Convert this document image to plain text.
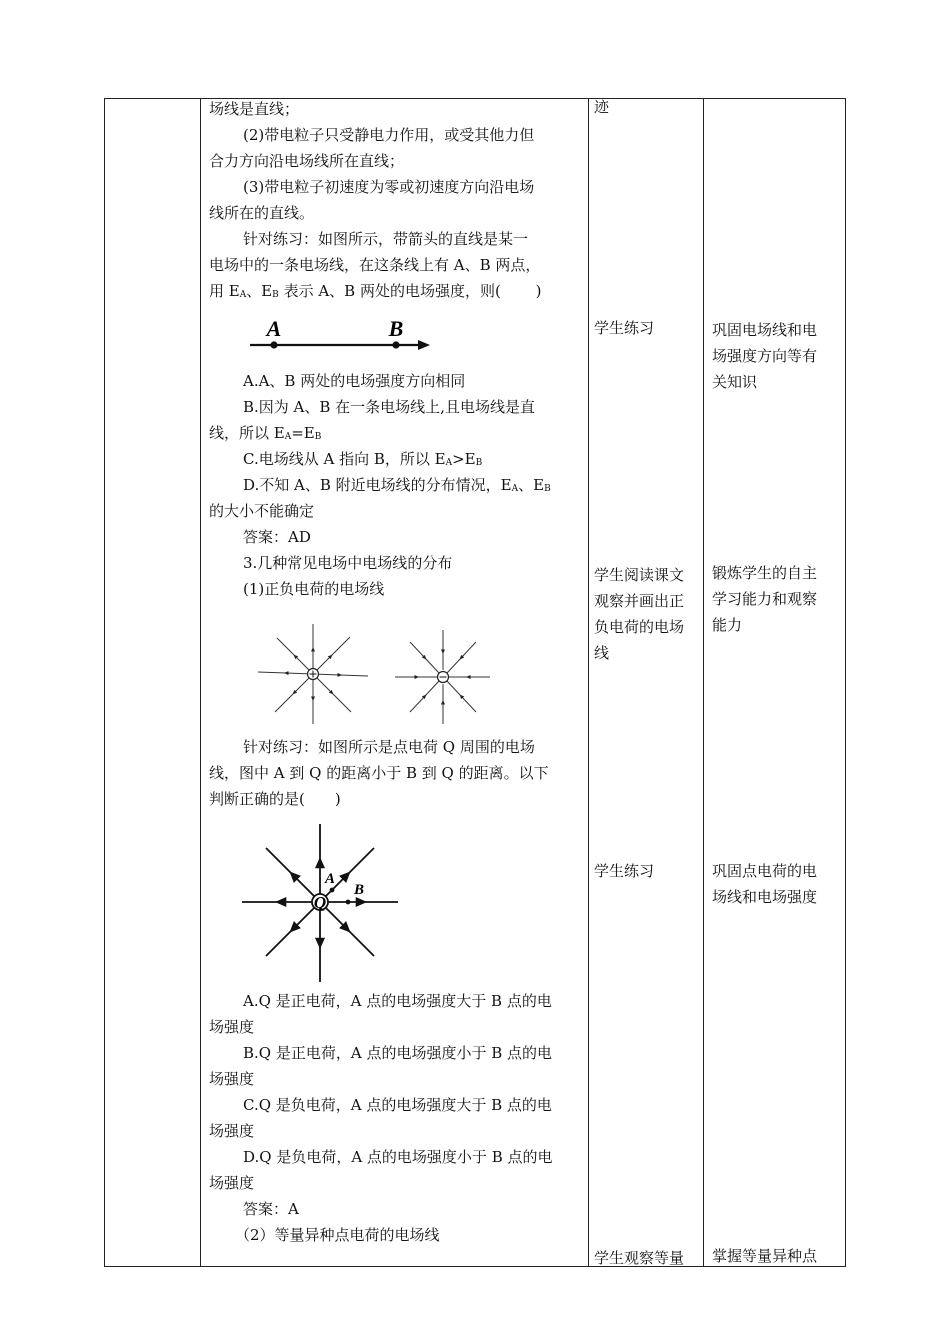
场线是直线；

(2)带电粒子只受静电力作用，或受其他力但

合力方向沿电场线所在直线；

(3)带电粒子初速度为零或初速度方向沿电场

线所在的直线。

针对练习：如图所示，带箭头的直线是某一

电场中的一条电场线，在这条线上有 A、B 两点，

用 $E_A$、$E_B$ 表示 A、B 两处的电场强度，则(　　 )

A	B

A.A、B 两处的电场强度方向相同

B.因为 A、B 在一条电场线上,且电场线是直

线，所以 $E_A=E_B$

C.电场线从 A 指向 B，所以 $E_A>E_B$

D.不知 A、B 附近电场线的分布情况，$E_A$、$E_B$

的大小不能确定

答案：AD

3.几种常见电场中电场线的分布

(1)正负电荷的电场线

针对练习：如图所示是点电荷 Q 周围的电场

线，图中 A 到 Q 的距离小于 B 到 Q 的距离。以下

判断正确的是(　　)

Q
A
B

A.Q 是正电荷，A 点的电场强度大于 B 点的电

场强度

B.Q 是正电荷，A 点的电场强度小于 B 点的电

场强度

C.Q 是负电荷，A 点的电场强度大于 B 点的电

场强度

D.Q 是负电荷，A 点的电场强度小于 B 点的电

场强度

答案：A

（2）等量异种点电荷的电场线

迹

学生练习

学生阅读课文

观察并画出正

负电荷的电场

线

学生练习

学生观察等量

巩固电场线和电

场强度方向等有

关知识

锻炼学生的自主

学习能力和观察

能力

巩固点电荷的电

场线和电场强度

掌握等量异种点
